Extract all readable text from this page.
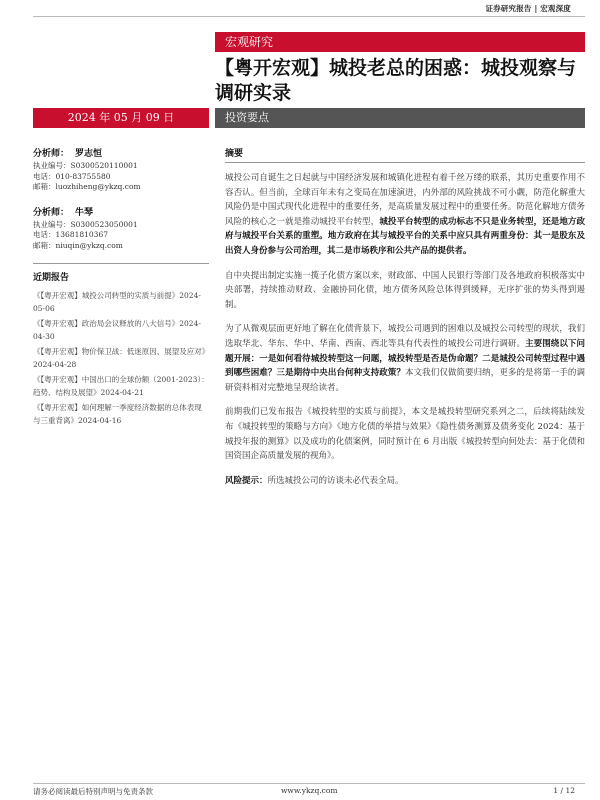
证券研究报告 | 宏观深度
宏观研究
【粤开宏观】城投老总的困惑：城投观察与调研实录
2024 年 05 月 09 日	投资要点
分析师： 罗志恒
执业编号：S0300520110001
电话：010-83755580
邮箱：luozhiheng@ykzq.com
分析师： 牛琴
执业编号：S0300523050001
电话：13681810367
邮箱：niuqin@ykzq.com
近期报告
《【粤开宏观】城投公司转型的实质与前提》2024-05-06
《【粤开宏观】政治局会议释放的八大信号》2024-04-30
《【粤开宏观】物价保卫战：低迷原因、展望及应对》2024-04-28
《【粤开宏观】中国出口的全球份额（2001-2023）：趋势、结构及展望》2024-04-21
《【粤开宏观】如何理解一季度经济数据的总体表现与三重背离》2024-04-16
摘要

城投公司自诞生之日起就与中国经济发展和城镇化进程有着千丝万缕的联系，其历史重要作用不容否认。但当前，全球百年未有之变局在加速演进，内外部的风险挑战不可小觑，防范化解重大风险仍是中国式现代化进程中的重要任务，是高质量发展过程中的重要任务。防范化解地方债务风险的核心之一就是推动城投平台转型，城投平台转型的成功标志不只是业务转型，还是地方政府与城投平台关系的重塑。地方政府在其与城投平台的关系中应只具有两重身份：其一是股东及出资人身份参与公司治理，其二是市场秩序和公共产品的提供者。

自中央提出制定实施一揽子化债方案以来，财政部、中国人民银行等部门及各地政府积极落实中央部署，持续推动财政、金融协同化债，地方债务风险总体得到缓释，无序扩张的势头得到遏制。

为了从微观层面更好地了解在化债背景下，城投公司遇到的困难以及城投公司转型的现状，我们选取华北、华东、华中、华南、西南、西北等具有代表性的城投公司进行调研。主要围绕以下问题开展：一是如何看待城投转型这一问题，城投转型是否是伪命题？二是城投公司转型过程中遇到哪些困难？三是期待中央出台何种支持政策？本文我们仅做简要归纳，更多的是将第一手的调研资料相对完整地呈现给读者。

前期我们已发布报告《城投转型的实质与前提》，本文是城投转型研究系列之二，后续将陆续发布《城投转型的策略与方向》《地方化债的举措与效果》《隐性债务测算及债务变化 2024：基于城投年报的测算》以及成功的化债案例，同时预计在 6 月出版《城投转型向何处去：基于化债和国资国企高质量发展的视角》。

风险提示：所选城投公司的访谈未必代表全局。

请务必阅读最后特别声明与免责条款	www.ykzq.com	1 / 12
